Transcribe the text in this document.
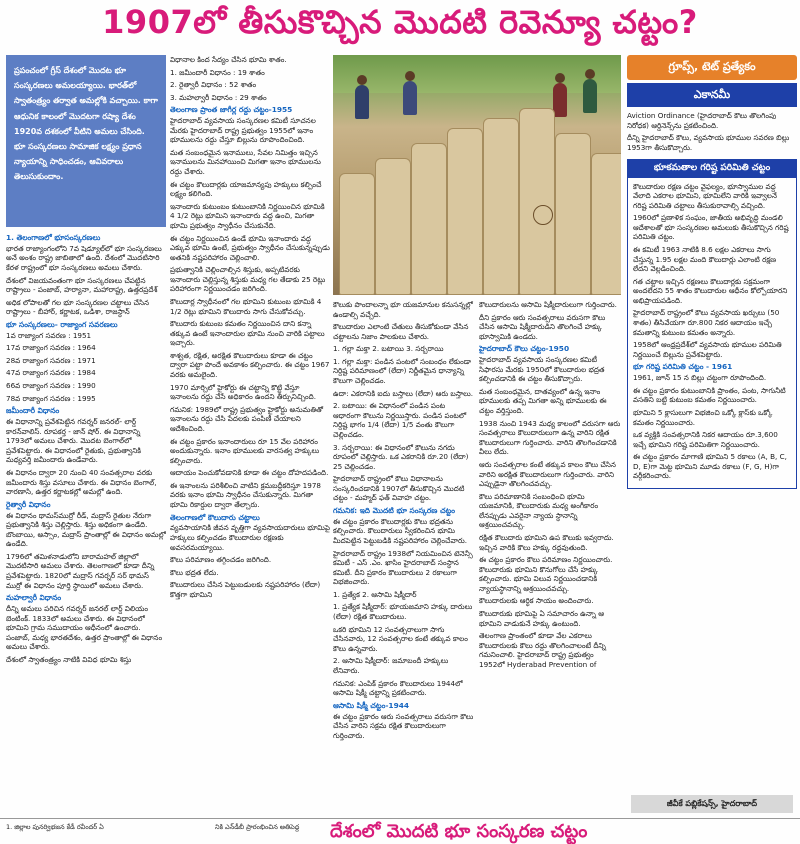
1907లో తీసుకొచ్చిన మొదటి రెవెన్యూ చట్టం?
ప్రపంచంలో గ్రీస్ దేశంలో మొదట భూ సంస్కరణలు అమలయ్యాయి. భారత్‌లో స్వాతంత్ర్యం తర్వాత అమల్లోకి వచ్చాయి. కాగా ఆధునిక కాలంలో మొదటగా రష్యా దేశం 1920వ దశకంలో వీటిని అమలు చేసింది. భూ సంస్కరణలు సామాజిక లక్ష్యం ప్రధాన న్యాయాన్ని సాధించడం, ఆవివరాలు తెలుసుకుందాం.
1. తెలంగాణలో భూసంస్కరణలు

భారత రాజ్యాంగంలోని 7వ షెడ్యూల్‌లో భూ సంస్కరణలు అనే అంశం రాష్ట్ర జాబితాలో ఉంది. దేశంలో మొదటిసారి కేరళ రాష్ట్రంలో భూ సంస్కరణలు అమలు చేశారు.

దేశంలో విజయవంతంగా భూ సంస్కరణలు చేపట్టిన రాష్ట్రాలు - పంజాబ్, హర్యానా, మహారాష్ట్ర, ఉత్తరప్రదేశ్

అధిక లోపాలతో గల భూ సంస్కరణల చట్టాలు చేసిన రాష్ట్రాలు - బీహార్, కర్ణాటక, ఒడిశా, రాజస్థాన్

భూ సంస్కరణలు- రాజ్యాంగ సవరణలు

1వ రాజ్యాంగ సవరణ : 1951

17వ రాజ్యాంగ సవరణ : 1964

28వ రాజ్యాంగ సవరణ : 1971

47వ రాజ్యాంగ సవరణ : 1984

66వ రాజ్యాంగ సవరణ : 1990

78వ రాజ్యాంగ సవరణ : 1995

జమీందారీ విధానం

ఈ విధానాన్ని ప్రవేశపెట్టిన గవర్నర్ జనరల్- లార్డ్ కారన్‌వాలిస్. రూపకర్త - జాన్ షోర్. ఈ విధానాన్ని 1793లో అమలు చేశారు. మొదట బెంగాల్‌లో ప్రవేశపెట్టారు. ఈ విధానంలో రైతుకు, ప్రభుత్వానికి మధ్యవర్తి జమీందారు ఉండేవారు.

ఈ విధానం ద్వారా 20 నుంచి 40 సంవత్సరాల వరకు జమీందారు శిస్తు వసూలు చేశారు. ఈ విధానం బెంగాల్, వారణాసి, ఉత్తర కర్ణాటకల్లో అమల్లో ఉంది.

రైత్వారీ విధానం

ఈ విధానం థామస్‌ముర్రో రీడ్, మద్రాస్ రైతుల నేరుగా ప్రభుత్వానికి శిస్తు చెల్లిస్తారు. శిస్తు అధికంగా ఉండేది. బొంబాయి, అస్సాం, మద్రాస్ ప్రాంతాల్లో ఈ విధానం అమల్లో ఉండేది.

1796లో తమిళనాడులోని బారామహల్ జిల్లాలో మొదటిసారి అమలు చేశారు. తెలంగాణలో కూడా దీన్ని ప్రవేశపెట్టారు. 1820లో మద్రాస్ గవర్నర్ సర్ థామస్ ముర్రో ఈ విధానం పూర్తి స్థాయిలో అమలు చేశారు.

మహల్వారీ విధానం

దీన్ని అమలు పరిచిన గవర్నర్ జనరల్ లార్డ్ విలియం బెంటింక్. 1833లో అమలు చేశారు. ఈ విధానంలో భూమిని గ్రామ సముదాయం ఆధీనంలో ఉంచారు. పంజాబ్, మధ్య భారతదేశం, ఉత్తర ప్రాంతాల్లో ఈ విధానం అమలు చేశారు.

దేశంలో స్వాతంత్ర్యం నాటికి వివిధ భూమి శిస్తు

విధానాల కింద సేద్యం చేసిన భూమి శాతం.

1. జమీందారీ విధానం : 19 శాతం

2. రైత్వారీ విధానం : 52 శాతం

3. మహల్వారీ విధానం : 29 శాతం

తెలంగాణ ప్రాంత జాగీర్ల రద్దు చట్టం-1955

హైదరాబాద్ వ్యవసాయ సంస్కరణల కమిటీ సూచనల మేరకు హైదరాబాద్ రాష్ట్ర ప్రభుత్వం 1955లో ఇనాం భూములను రద్దు చేస్తూ బిల్లును రూపొందించింది.

మత సంబంధమైన ఇనాములు, సేవల నిమిత్తం ఇచ్చిన ఇనాములను మినహాయించి మిగతా ఇనాం భూములను రద్దు చేశారు.

ఈ చట్టం కౌలుదార్లకు యాజమాన్యపు హక్కులు కల్పించే లక్ష్యం కలిగింది.

ఇనాందారు కుటుంబం కుటుంబానికి నిర్ణయించిన భూమికి 4 1/2 రెట్లు భూమిని ఇనాందారు వద్ద ఉంచి, మిగతా భూమి ప్రభుత్వం స్వాధీనం చేసుకునేది.

ఈ చట్టం నిర్ణయించిన ఉండే భూమి ఇనాందారు వద్ద ఎక్కువ భూమి ఉంటే, ప్రభుత్వం స్వాధీనం చేసుకున్నప్పుడు అతనికి నష్టపరిహారం చెల్లించాలి.

ప్రభుత్వానికి చెల్లించాల్సిన శిస్తుకు, అప్పటివరకు ఇనాందారు చెల్లిస్తున్న శిస్తుకు మధ్య గల తేడాకు 25 రెట్లు పరిహారంగా నిర్ణయించడం జరిగింది.

కౌలుదార్ల స్వాధీనంలో గల భూమిని కుటుంబ భూమికి 4 1/2 రెట్లు భూమిని కౌలుదారు సాగు చేసుకోవచ్చు.

కౌలుదారు కుటుంబ కమతం నిర్ణయించిన దాని కన్నా తక్కువ ఉంటే ఇనాందారుల భూమి నుంచి వారికి పట్టాలు ఇచ్చారు.

శాశ్వత, రక్షిత, అరక్షిత కౌలుదారులు కూడా ఈ చట్టం ద్వారా పట్టా పొందే అవకాశం కల్పించారు. ఈ చట్టం 1967 వరకు అమలైంది.

1970 మార్చిలో హైకోర్టు ఈ చట్టాన్ని కొట్టి వేస్తూ ఇనాంలను రద్దు చేసే అధికారం ఉందని తీర్పునిచ్చింది.

గమనిక: 1989లో రాష్ట్ర ప్రభుత్వం హైకోర్టు అనుమతితో ఇనాంలను రద్దు చేసి పేదలకు పంపిణీ చేయాలని ఆదేశించింది.

ఈ చట్టం ప్రకారం ఇనాందారులు రూ 15 వేల పరిహారం అందుకున్నారు. ఇనాం భూములకు వారసత్వ హక్కులు కల్పించారు.

ఆదాయం పెంచుకోవడానికి కూడా ఈ చట్టం దోహదపడింది.

ఈ ఇనాంలను పరిశీలించి వాటిని క్రమబద్ధీకరిస్తూ 1978 వరకు ఇనాం భూమి స్వాధీనం చేసుకున్నారు. మిగతా భూమి రికార్డుల ద్వారా తేల్చారు.

తెలంగాణలో కౌలుదారు చట్టాలు

వ్యవసాయానికి జీవన వృత్తిగా వ్యవసాయదారులు భూమిపై హక్కులు కల్పించడం కౌలుదారుల రక్షణకు అవసరమయ్యాయి.

కౌలు పరిమాణం తగ్గించడం జరిగింది.

కౌలు భద్రత లేదు.

కౌలుదారులు చేసిన పెట్టుబడులకు నష్టపరిహారం (లేదా) కొత్తగా భూమిని

కౌలుకు పొందాలన్నా భూ యజమానుల కనుసన్నల్లో ఉండాల్సి వచ్చేది.

కౌలుదారుల ఎలాంటి చేతులు తీసుకోకుండా వేసిన చట్టాలను నిజాం పాలకులు చేశారు.

1. గల్లా మక్తా 2. బటాయి 3. సర్బరాయి

1. గల్లా మక్తా: పండిన పంటలో సంబంధం లేకుండా నిర్దిష్ట పరిమాణంలో (లేదా) నిర్ణీతమైన ధాన్యాన్ని కౌలుగా చెల్లించడం.

ఉదా: ఎకరానికి ఐదు బస్తాలు (లేదా) ఆరు బస్తాలు.

2. బటాయి: ఈ విధానంలో పండిన పంట ఆధారంగా కౌలును నిర్ణయిస్తారు. పండిన పంటలో నిర్దిష్ట భాగం 1/4 (లేదా) 1/5 వంతు కౌలుగా చెల్లించడం.

3. సర్బరాయి: ఈ విధానంలో కౌలును నగదు రూపంలో చెల్లిస్తారు. ఒక ఎకరానికి రూ.20 (లేదా) 25 చెల్లించడం.

హైదరాబాద్ రాష్ట్రంలో కౌలు విధానాలను సంస్కరించడానికి 1907లో తీసుకొచ్చిన మొదటి చట్టం - మహ్మద్ ఫత్ వివాహ చట్టం.

గమనిక: ఇది మొదటి భూ సంస్కరణ చట్టం

ఈ చట్టం ప్రకారం కౌలుదార్లకు కౌలు భద్రతను కల్పించారు. కౌలుదారులు స్వీకరించిన భూమి మీదపెట్టిన పెట్టుబడికి నష్టపరిహారం చెల్లించేవారు.

హైదరాబాద్ రాష్ట్రం 1938లో నియమించిన టెనెన్సీ కమిటీ - ఎస్ .ఎం. ఖాసిం హైదరాబాద్ సంస్థాన కమిటీ. దీని ప్రకారం కౌలుదారులు 2 రకాలుగా విభజించారు.

1. ప్రత్యేక 2. ఆసామి షిక్మీదార్

1. ప్రత్యేక షిక్మీదార్: భూయజమాని హక్కు దారులు (లేదా) రక్షిత కౌలుదారులు.

ఒకరి భూమిని 12 సంవత్సరాలుగా సాగు చేసినవారు, 12 సంవత్సరాల కంటే తక్కువ కాలం కౌలు ఉన్నవారు.

2. ఆసామి షిక్మీదార్: జమాబందీ హక్కులు లేనివారు.

గమనిక: ఎంపిక్ ప్రకారం కౌలుదారులు 1944లో ఆసామి షిక్మీ చట్టాన్ని ప్రకటించారు.

ఆసామి షిక్మీ చట్టం-1944

ఈ చట్టం ప్రకారం ఆరు సంవత్సరాలు వరుసగా కౌలు చేసిన వారిని సక్రమ రక్షిత కౌలుదారులుగా గుర్తించారు.

కౌలుదారులను ఆసామి షిక్మీదారులుగా గుర్తించారు.

దీని ప్రకారం ఆరు సంవత్సరాలు వరుసగా కౌలు చేసిన ఆసామి షిక్మీదారుడిని తొలగించే హక్కు భూస్వామికి ఉండదు.

హైదరాబాద్ కౌలు చట్టం-1950

హైదరాబాద్ వ్యవసాయ సంస్కరణల కమిటీ సిఫారసు మేరకు 1950లో కౌలుదారుల భద్రత కల్పించడానికి ఈ చట్టం తీసుకొచ్చారు.

మత సంబంధమైన, దాతవ్యంలో ఉన్న ఇనాం భూములకు తప్ప మిగతా అన్ని భూములకు ఈ చట్టం వర్తిస్తుంది.

1938 నుంచి 1943 మధ్య కాలంలో వరుసగా ఆరు సంవత్సరాలు కౌలుదారులుగా ఉన్న వారిని రక్షిత కౌలుదారులుగా గుర్తించారు. వారిని తొలగించడానికి వీలు లేదు.

ఆరు సంవత్సరాల కంటే తక్కువ కాలం కౌలు చేసిన వారిని అరక్షిత కౌలుదారులుగా గుర్తించారు. వారిని ఎప్పుడైనా తొలగించవచ్చు.

కౌలు పరిమాణానికి సంబంధించి భూమి యజమానికి, కౌలుదారుకు మధ్య అంగీకారం లేనప్పుడు ఎవరైనా న్యాయ స్థానాన్ని ఆశ్రయించవచ్చు.

రక్షిత కౌలుదారు భూమిని ఉప కౌలుకు ఇవ్వరాదు. ఇచ్చిన వారికి కౌలు హక్కు రద్దవుతుంది.

ఈ చట్టం ప్రకారం కౌలు పరిమాణం నిర్ణయించారు. కౌలుదారుకు భూమిని కొనుగోలు చేసే హక్కు కల్పించారు. భూమి విలువ నిర్ణయించడానికి న్యాయస్థానాన్ని ఆశ్రయించవచ్చు.

కౌలుదారులకు ఆర్థిక సాయం అందించారు.

కౌలుదారుకు భూమిపై ఏ సమాచారం ఉన్నా ఆ భూమిని వాడుకునే హక్కు ఉంటుంది.

తెలంగాణ ప్రాంతంలో కూడా వేల ఎకరాలు కౌలుదారులకు కౌలు రద్దు తొలగించాలంటే దీన్ని గమనించాలి. హైదరాబాద్ రాష్ట్ర ప్రభుత్వం 1952లో Hyderabad Prevention of

గ్రూప్స్, టెట్ ప్రత్యేకం
ఎకానమీ

Aviction Ordinance (హైదరాబాద్ కౌలు తొలగింపు నిరోధక) ఆర్డినెన్స్‌ను ప్రకటించింది.

దీన్ని హైదరాబాద్ కౌలు, వ్యవసాయ భూముల సవరణ బిల్లు 1953గా తీసుకొచ్చారు.

భూకమతాల గరిష్ట పరిమితి చట్టం

కౌలుదారుల రక్షణ చట్టం వైఫల్యం, భూస్వాముల వద్ద వేలాది ఎకరాల భూమిని, భూమిలేని వారికి ఇవ్వాలనే గరిష్ట పరిమితి చట్టాలు తీసుకురావాల్సి వచ్చింది.

1960లో ప్రణాళిక సంఘం, జాతీయ అభివృద్ధి మండలి ఆదేశాలతో భూ సంస్కరణల అమలుకు తీసుకొచ్చిన గరిష్ట పరిమితి చట్టం.

ఈ కమిటీ 1963 నాటికి 8.6 లక్షల ఎకరాలు సాగు చేస్తున్న 1.95 లక్షల మంది కౌలుదార్లు ఎలాంటి రక్షణ లేదని వెల్లడించింది.

గత చట్టాల ఇచ్చిన రక్షణలు కౌలుదార్లకు సక్రమంగా అందలేదని 55 శాతం కౌలుదారుల ఆధీనం కోల్పోయారని అభిప్రాయపడింది.

హైదరాబాద్ రాష్ట్రంలో కౌలు వ్యవసాయ ఖర్చులు (50 శాతం) తీసివేయగా రూ.800 నికర ఆదాయం ఇచ్చే కమతాన్ని కుటుంబ కమతం అన్నారు.

1958లో ఆంధ్రప్రదేశ్‌లో వ్యవసాయ భూముల పరిమితి నిర్ణయించే బిల్లును ప్రవేశపెట్టారు.

భూ గరిష్ట పరిమితి చట్టం - 1961

1961, జూన్ 15 న బిల్లు చట్టంగా రూపొందింది.

ఈ చట్టం ప్రకారం కుటుంబానికి ప్రాంతం, పంట, సాగునీటి వసతిని బట్టి కుటుంబ కమతం నిర్ణయించారు.

భూమిని 5 క్లాసులుగా విభజించి ఒక్కో క్లాస్‌కు ఒక్కో కమతం నిర్ణయించారు.

ఒక వ్యక్తికి సంవత్సరానికి నికర ఆదాయం రూ.3,600 ఇచ్చే భూమిని గరిష్ట పరిమితిగా నిర్ణయించారు.

ఈ చట్టం ప్రకారం మాగాణి భూమిని 5 రకాలు (A, B, C, D, E)గా మెట్ట భూమిని మూడు రకాలు (F, G, H)గా వర్గీకరించారు.

జీవీకే పబ్లికేషన్స్, హైదరాబాద్
1. జిల్లాల పునర్విభజన కేడీ రవీందర్ ఏ	నికి ఎన్‌డీబీ ప్రారంభించిన అతిపెద్ద దేశంలో మొదటి భూ సంస్కరణ చట్టం
